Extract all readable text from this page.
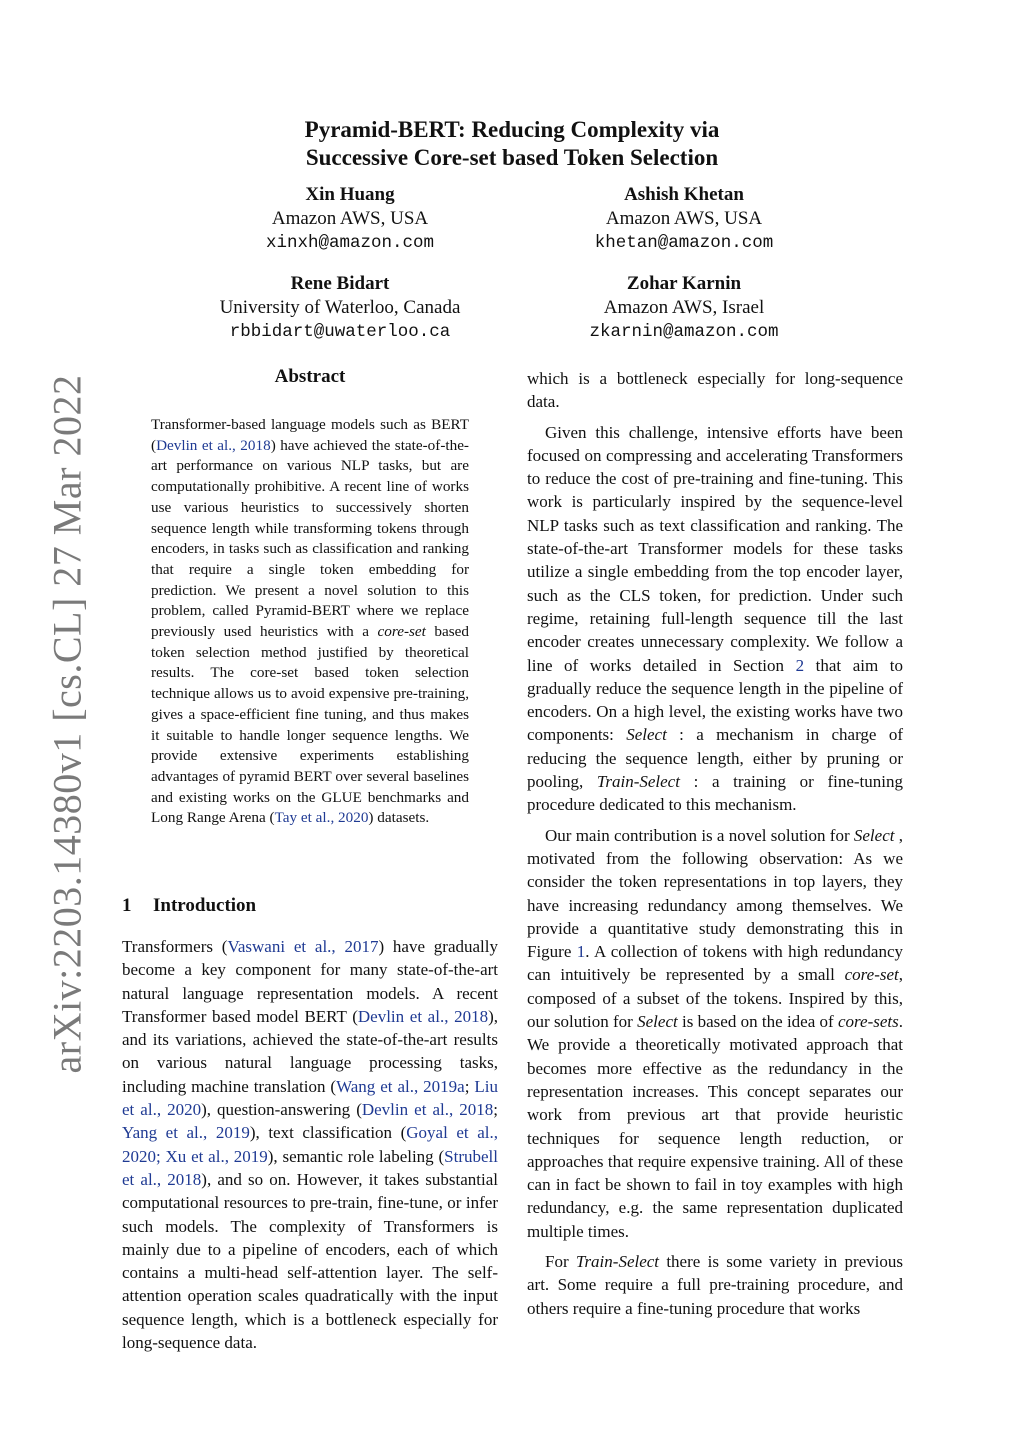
arXiv:2203.14380v1 [cs.CL] 27 Mar 2022
Pyramid-BERT: Reducing Complexity via
Successive Core-set based Token Selection
Xin Huang
Amazon AWS, USA
xinxh@amazon.com
Ashish Khetan
Amazon AWS, USA
khetan@amazon.com
Rene Bidart
University of Waterloo, Canada
rbbidart@uwaterloo.ca
Zohar Karnin
Amazon AWS, Israel
zkarnin@amazon.com
Abstract
Transformer-based language models such as BERT (Devlin et al., 2018) have achieved the state-of-the-art performance on various NLP tasks, but are computationally prohibitive. A recent line of works use various heuristics to successively shorten sequence length while transforming tokens through encoders, in tasks such as classification and ranking that require a single token embedding for prediction. We present a novel solution to this problem, called Pyramid-BERT where we replace previously used heuristics with a core-set based token selection method justified by theoretical results. The core-set based token selection technique allows us to avoid expensive pre-training, gives a space-efficient fine tuning, and thus makes it suitable to handle longer sequence lengths. We provide extensive experiments establishing advantages of pyramid BERT over several baselines and existing works on the GLUE benchmarks and Long Range Arena (Tay et al., 2020) datasets.
1 Introduction
Transformers (Vaswani et al., 2017) have gradually become a key component for many state-of-the-art natural language representation models. A recent Transformer based model BERT (Devlin et al., 2018), and its variations, achieved the state-of-the-art results on various natural language processing tasks, including machine translation (Wang et al., 2019a; Liu et al., 2020), question-answering (Devlin et al., 2018; Yang et al., 2019), text classification (Goyal et al., 2020; Xu et al., 2019), semantic role labeling (Strubell et al., 2018), and so on. However, it takes substantial computational resources to pre-train, fine-tune, or infer such models. The complexity of Transformers is mainly due to a pipeline of encoders, each of which contains a multi-head self-attention layer. The self-attention operation scales quadratically with the input sequence length, which is a bottleneck especially for long-sequence data.

which is a bottleneck especially for long-sequence data.

Given this challenge, intensive efforts have been focused on compressing and accelerating Transformers to reduce the cost of pre-training and fine-tuning. This work is particularly inspired by the sequence-level NLP tasks such as text classification and ranking. The state-of-the-art Transformer models for these tasks utilize a single embedding from the top encoder layer, such as the CLS token, for prediction. Under such regime, retaining full-length sequence till the last encoder creates unnecessary complexity. We follow a line of works detailed in Section 2 that aim to gradually reduce the sequence length in the pipeline of encoders. On a high level, the existing works have two components: Select : a mechanism in charge of reducing the sequence length, either by pruning or pooling, Train-Select : a training or fine-tuning procedure dedicated to this mechanism.

Our main contribution is a novel solution for Select , motivated from the following observation: As we consider the token representations in top layers, they have increasing redundancy among themselves. We provide a quantitative study demonstrating this in Figure 1. A collection of tokens with high redundancy can intuitively be represented by a small core-set, composed of a subset of the tokens. Inspired by this, our solution for Select is based on the idea of core-sets. We provide a theoretically motivated approach that becomes more effective as the redundancy in the representation increases. This concept separates our work from previous art that provide heuristic techniques for sequence length reduction, or approaches that require expensive training. All of these can in fact be shown to fail in toy examples with high redundancy, e.g. the same representation duplicated multiple times.

For Train-Select there is some variety in previous art. Some require a full pre-training procedure, and others require a fine-tuning procedure that works
